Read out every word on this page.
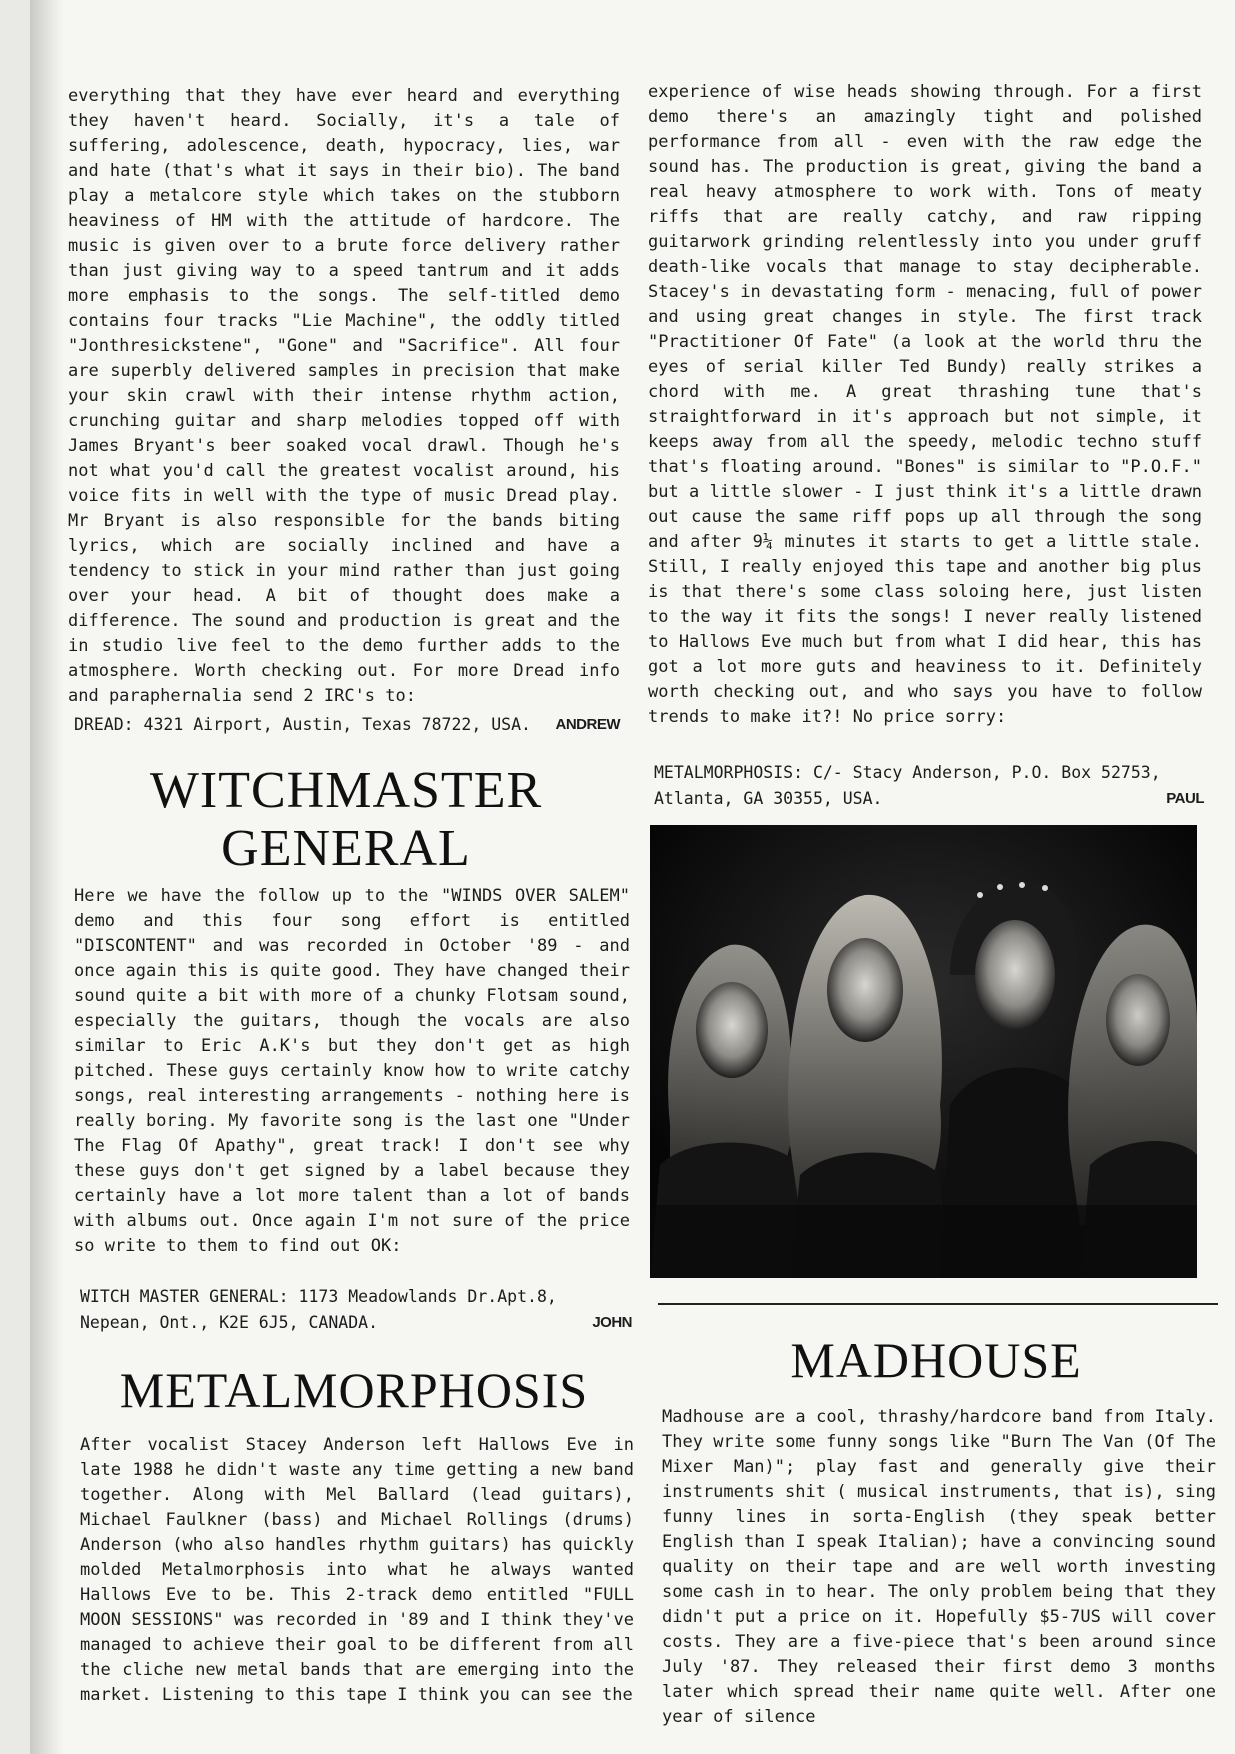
everything that they have ever heard and everything they haven't heard. Socially, it's a tale of suffering, adolescence, death, hypocracy, lies, war and hate (that's what it says in their bio). The band play a metalcore style which takes on the stubborn heaviness of HM with the attitude of hardcore. The music is given over to a brute force delivery rather than just giving way to a speed tantrum and it adds more emphasis to the songs. The self-titled demo contains four tracks "Lie Machine", the oddly titled "Jonthresickstene", "Gone" and "Sacrifice". All four are superbly delivered samples in precision that make your skin crawl with their intense rhythm action, crunching guitar and sharp melodies topped off with James Bryant's beer soaked vocal drawl. Though he's not what you'd call the greatest vocalist around, his voice fits in well with the type of music Dread play. Mr Bryant is also responsible for the bands biting lyrics, which are socially inclined and have a tendency to stick in your mind rather than just going over your head. A bit of thought does make a difference. The sound and production is great and the in studio live feel to the demo further adds to the atmosphere. Worth checking out. For more Dread info and paraphernalia send 2 IRC's to:

DREAD: 4321 Airport, Austin, Texas 78722, USA. ANDREW

WITCHMASTER
GENERAL

Here we have the follow up to the "WINDS OVER SALEM" demo and this four song effort is entitled "DISCONTENT" and was recorded in October '89 - and once again this is quite good. They have changed their sound quite a bit with more of a chunky Flotsam sound, especially the guitars, though the vocals are also similar to Eric A.K's but they don't get as high pitched. These guys certainly know how to write catchy songs, real interesting arrangements - nothing here is really boring. My favorite song is the last one "Under The Flag Of Apathy", great track! I don't see why these guys don't get signed by a label because they certainly have a lot more talent than a lot of bands with albums out. Once again I'm not sure of the price so write to them to find out OK:

WITCH MASTER GENERAL: 1173 Meadowlands Dr.Apt.8, Nepean, Ont., K2E 6J5, CANADA.	JOHN

METALMORPHOSIS

After vocalist Stacey Anderson left Hallows Eve in late 1988 he didn't waste any time getting a new band together. Along with Mel Ballard (lead guitars), Michael Faulkner (bass) and Michael Rollings (drums) Anderson (who also handles rhythm guitars) has quickly molded Metalmorphosis into what he always wanted Hallows Eve to be. This 2-track demo entitled "FULL MOON SESSIONS" was recorded in '89 and I think they've managed to achieve their goal to be different from all the cliche new metal bands that are emerging into the market. Listening to this tape I think you can see the

experience of wise heads showing through. For a first demo there's an amazingly tight and polished performance from all - even with the raw edge the sound has. The production is great, giving the band a real heavy atmosphere to work with. Tons of meaty riffs that are really catchy, and raw ripping guitarwork grinding relentlessly into you under gruff death-like vocals that manage to stay decipherable. Stacey's in devastating form - menacing, full of power and using great changes in style. The first track "Practitioner Of Fate" (a look at the world thru the eyes of serial killer Ted Bundy) really strikes a chord with me. A great thrashing tune that's straightforward in it's approach but not simple, it keeps away from all the speedy, melodic techno stuff that's floating around. "Bones" is similar to "P.O.F." but a little slower - I just think it's a little drawn out cause the same riff pops up all through the song and after 9¼ minutes it starts to get a little stale. Still, I really enjoyed this tape and another big plus is that there's some class soloing here, just listen to the way it fits the songs! I never really listened to Hallows Eve much but from what I did hear, this has got a lot more guts and heaviness to it. Definitely worth checking out, and who says you have to follow trends to make it?! No price sorry:

METALMORPHOSIS: C/- Stacy Anderson, P.O. Box 52753, Atlanta, GA 30355, USA.	PAUL

MADHOUSE

Madhouse are a cool, thrashy/hardcore band from Italy. They write some funny songs like "Burn The Van (Of The Mixer Man)"; play fast and generally give their instruments shit ( musical instruments, that is), sing funny lines in sorta-English (they speak better English than I speak Italian); have a convincing sound quality on their tape and are well worth investing some cash in to hear. The only problem being that they didn't put a price on it. Hopefully $5-7US will cover costs. They are a five-piece that's been around since July '87. They released their first demo 3 months later which spread their name quite well. After one year of silence
